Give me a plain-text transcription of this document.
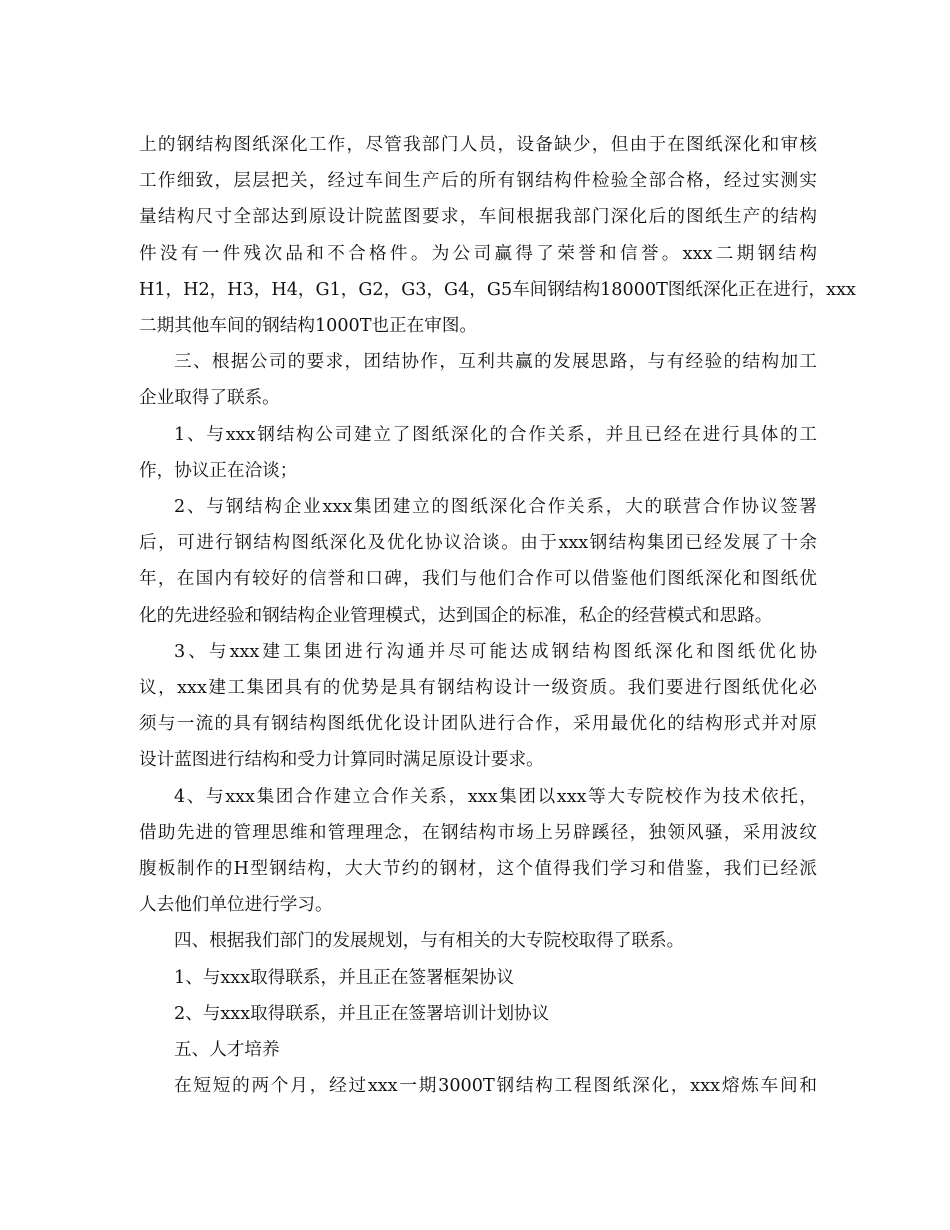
上的钢结构图纸深化工作，尽管我部门人员，设备缺少，但由于在图纸深化和审核
工作细致，层层把关，经过车间生产后的所有钢结构件检验全部合格，经过实测实
量结构尺寸全部达到原设计院蓝图要求，车间根据我部门深化后的图纸生产的结构
件没有一件残次品和不合格件。为公司赢得了荣誉和信誉。xxx二期钢结构
H1，H2，H3，H4，G1，G2，G3，G4，G5车间钢结构18000T图纸深化正在进行，xxx
二期其他车间的钢结构1000T也正在审图。

三、根据公司的要求，团结协作，互利共赢的发展思路，与有经验的结构加工
企业取得了联系。

1、与xxx钢结构公司建立了图纸深化的合作关系，并且已经在进行具体的工
作，协议正在洽谈；

2、与钢结构企业xxx集团建立的图纸深化合作关系，大的联营合作协议签署
后，可进行钢结构图纸深化及优化协议洽谈。由于xxx钢结构集团已经发展了十余
年，在国内有较好的信誉和口碑，我们与他们合作可以借鉴他们图纸深化和图纸优
化的先进经验和钢结构企业管理模式，达到国企的标准，私企的经营模式和思路。

3、与xxx建工集团进行沟通并尽可能达成钢结构图纸深化和图纸优化协
议，xxx建工集团具有的优势是具有钢结构设计一级资质。我们要进行图纸优化必
须与一流的具有钢结构图纸优化设计团队进行合作，采用最优化的结构形式并对原
设计蓝图进行结构和受力计算同时满足原设计要求。

4、与xxx集团合作建立合作关系，xxx集团以xxx等大专院校作为技术依托，
借助先进的管理思维和管理理念，在钢结构市场上另辟蹊径，独领风骚，采用波纹
腹板制作的H型钢结构，大大节约的钢材，这个值得我们学习和借鉴，我们已经派
人去他们单位进行学习。

四、根据我们部门的发展规划，与有相关的大专院校取得了联系。

1、与xxx取得联系，并且正在签署框架协议

2、与xxx取得联系，并且正在签署培训计划协议

五、人才培养

在短短的两个月，经过xxx一期3000T钢结构工程图纸深化，xxx熔炼车间和
